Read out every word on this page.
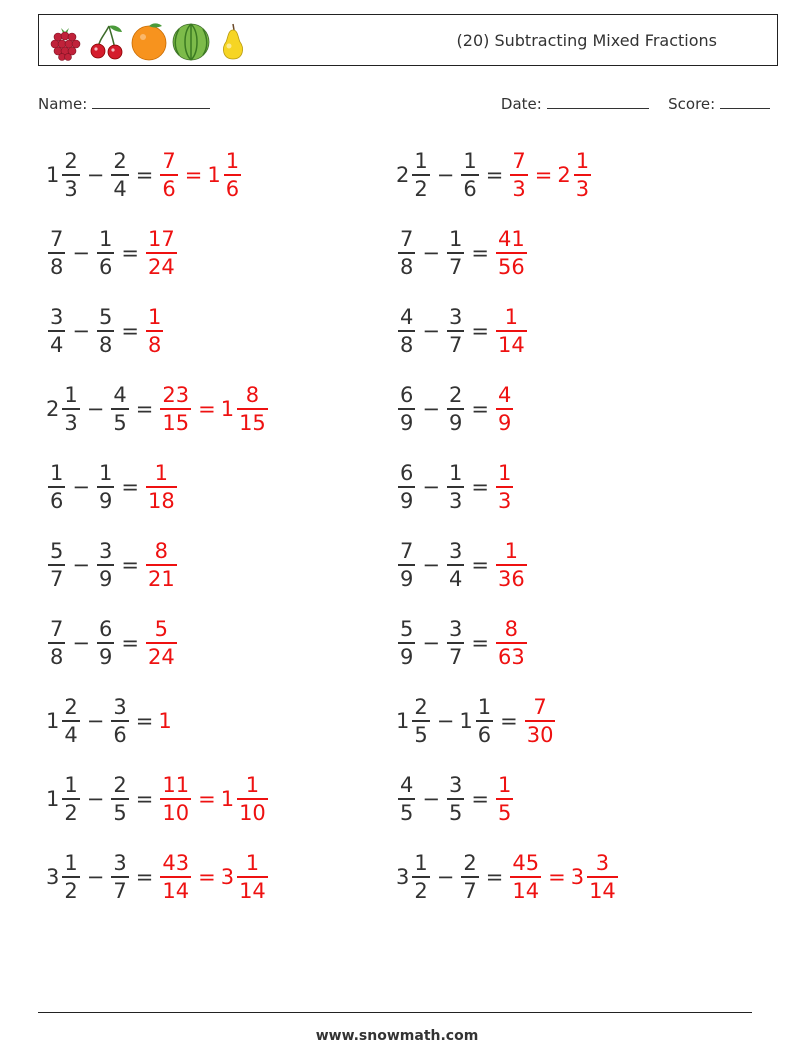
(20) Subtracting Mixed Fractions
Name:	Date:	Score:
$1 \frac{2}{3} - \frac{2}{4} = \frac{7}{6} = 1 \frac{1}{6}$	$2 \frac{1}{2} - \frac{1}{6} = \frac{7}{3} = 2 \frac{1}{3}$
$\frac{7}{8} - \frac{1}{6} = \frac{17}{24}$	$\frac{7}{8} - \frac{1}{7} = \frac{41}{56}$
$\frac{3}{4} - \frac{5}{8} = \frac{1}{8}$	$\frac{4}{8} - \frac{3}{7} = \frac{1}{14}$
$2 \frac{1}{3} - \frac{4}{5} = \frac{23}{15} = 1 \frac{8}{15}$	$\frac{6}{9} - \frac{2}{9} = \frac{4}{9}$
$\frac{1}{6} - \frac{1}{9} = \frac{1}{18}$	$\frac{6}{9} - \frac{1}{3} = \frac{1}{3}$
$\frac{5}{7} - \frac{3}{9} = \frac{8}{21}$	$\frac{7}{9} - \frac{3}{4} = \frac{1}{36}$
$\frac{7}{8} - \frac{6}{9} = \frac{5}{24}$	$\frac{5}{9} - \frac{3}{7} = \frac{8}{63}$
$1 \frac{2}{4} - \frac{3}{6} = 1$	$1 \frac{2}{5} - 1 \frac{1}{6} = \frac{7}{30}$
$1 \frac{1}{2} - \frac{2}{5} = \frac{11}{10} = 1 \frac{1}{10}$	$\frac{4}{5} - \frac{3}{5} = \frac{1}{5}$
$3 \frac{1}{2} - \frac{3}{7} = \frac{43}{14} = 3 \frac{1}{14}$	$3 \frac{1}{2} - \frac{2}{7} = \frac{45}{14} = 3 \frac{3}{14}$
www.snowmath.com
